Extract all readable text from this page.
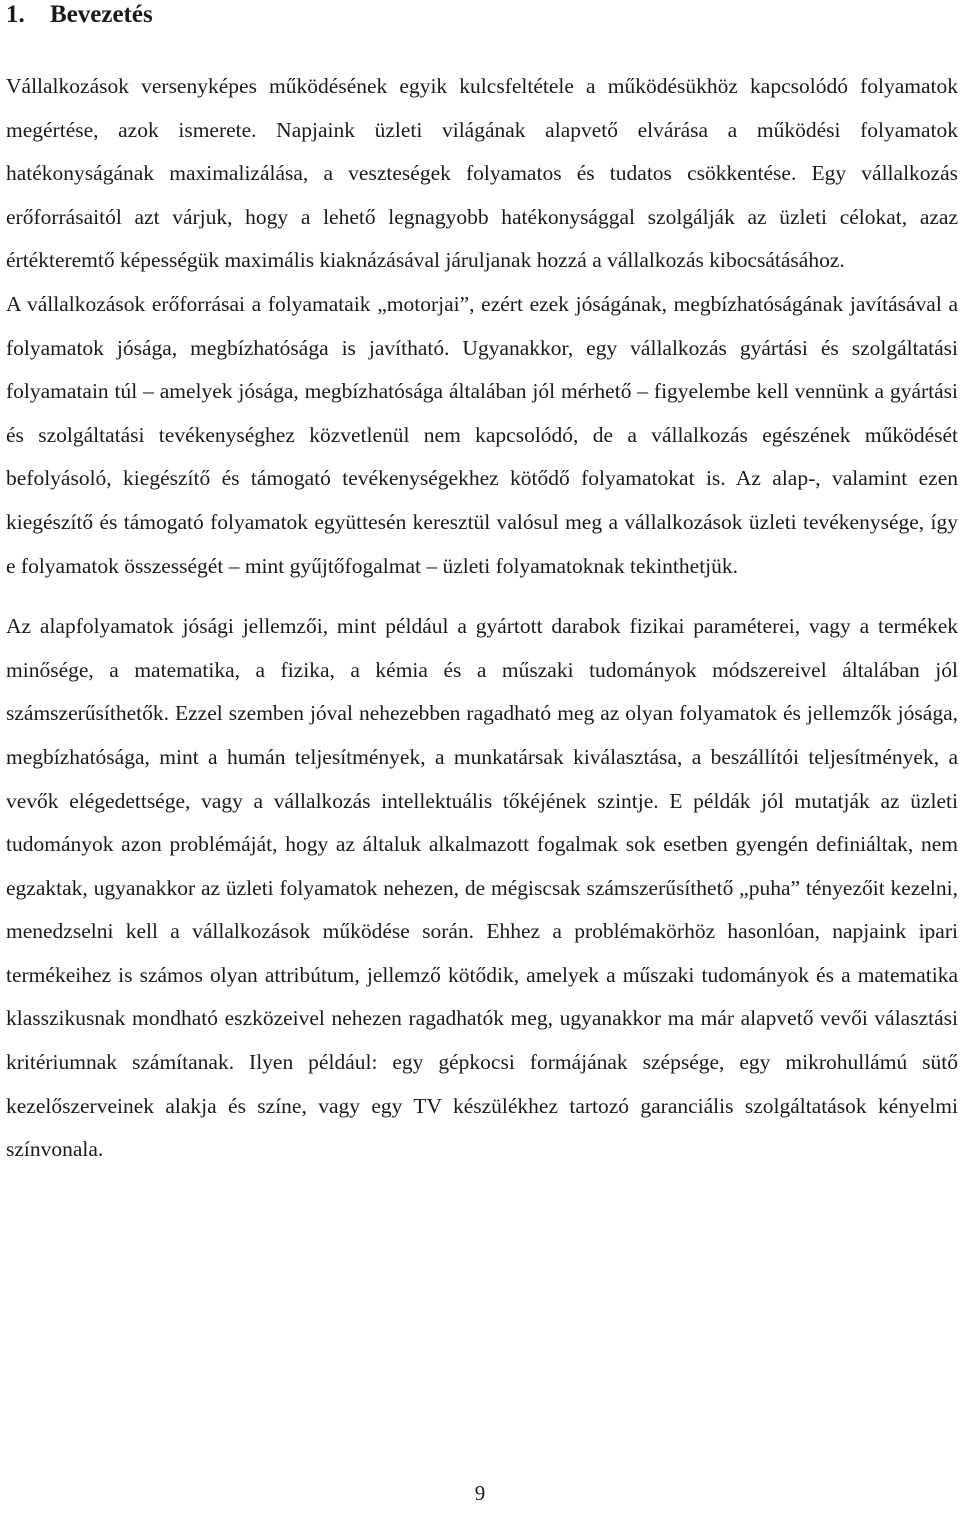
1. Bevezetés

Vállalkozások versenyképes működésének egyik kulcsfeltétele a működésükhöz kapcsolódó folyamatok megértése, azok ismerete. Napjaink üzleti világának alapvető elvárása a működési folyamatok hatékonyságának maximalizálása, a veszteségek folyamatos és tudatos csökkentése. Egy vállalkozás erőforrásaitól azt várjuk, hogy a lehető legnagyobb hatékonysággal szolgálják az üzleti célokat, azaz értékteremtő képességük maximális kiaknázásával járuljanak hozzá a vállalkozás kibocsátásához.

A vállalkozások erőforrásai a folyamataik „motorjai”, ezért ezek jóságának, megbízhatóságának javításával a folyamatok jósága, megbízhatósága is javítható. Ugyanakkor, egy vállalkozás gyártási és szolgáltatási folyamatain túl – amelyek jósága, megbízhatósága általában jól mérhető – figyelembe kell vennünk a gyártási és szolgáltatási tevékenységhez közvetlenül nem kapcsolódó, de a vállalkozás egészének működését befolyásoló, kiegészítő és támogató tevékenységekhez kötődő folyamatokat is. Az alap-, valamint ezen kiegészítő és támogató folyamatok együttesén keresztül valósul meg a vállalkozások üzleti tevékenysége, így e folyamatok összességét – mint gyűjtőfogalmat – üzleti folyamatoknak tekinthetjük.

Az alapfolyamatok jósági jellemzői, mint például a gyártott darabok fizikai paraméterei, vagy a termékek minősége, a matematika, a fizika, a kémia és a műszaki tudományok módszereivel általában jól számszerűsíthetők. Ezzel szemben jóval nehezebben ragadható meg az olyan folyamatok és jellemzők jósága, megbízhatósága, mint a humán teljesítmények, a munkatársak kiválasztása, a beszállítói teljesítmények, a vevők elégedettsége, vagy a vállalkozás intellektuális tőkéjének szintje. E példák jól mutatják az üzleti tudományok azon problémáját, hogy az általuk alkalmazott fogalmak sok esetben gyengén definiáltak, nem egzaktak, ugyanakkor az üzleti folyamatok nehezen, de mégiscsak számszerűsíthető „puha” tényezőit kezelni, menedzselni kell a vállalkozások működése során. Ehhez a problémakörhöz hasonlóan, napjaink ipari termékeihez is számos olyan attribútum, jellemző kötődik, amelyek a műszaki tudományok és a matematika klasszikusnak mondható eszközeivel nehezen ragadhatók meg, ugyanakkor ma már alapvető vevői választási kritériumnak számítanak. Ilyen például: egy gépkocsi formájának szépsége, egy mikrohullámú sütő kezelőszerveinek alakja és színe, vagy egy TV készülékhez tartozó garanciális szolgáltatások kényelmi színvonala.

9
